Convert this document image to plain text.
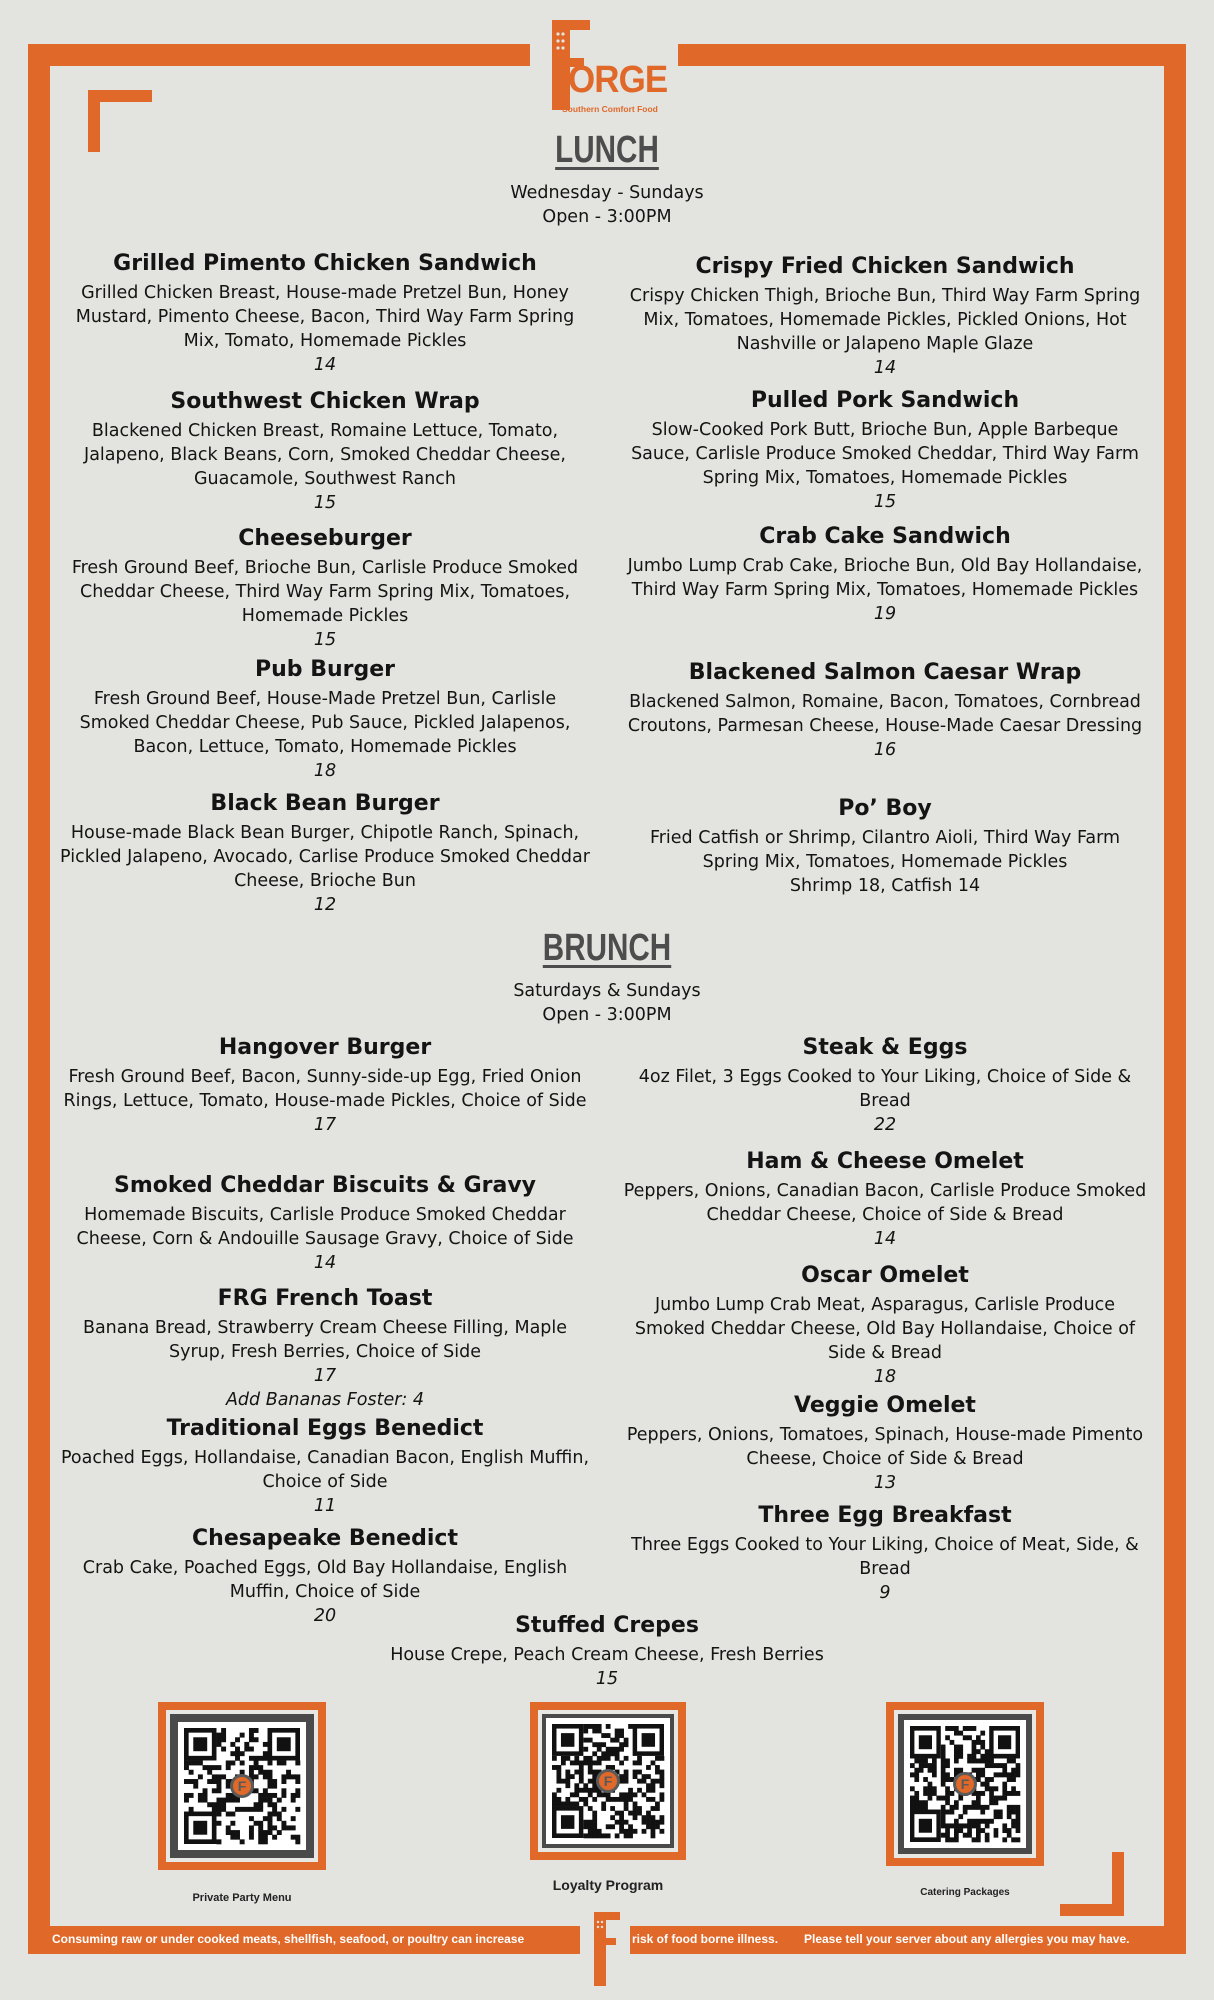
ORGE
Southern Comfort Food
LUNCH
Wednesday - Sundays
Open - 3:00PM
Grilled Pimento Chicken Sandwich
Grilled Chicken Breast, House-made Pretzel Bun, Honey Mustard, Pimento Cheese, Bacon, Third Way Farm Spring Mix, Tomato, Homemade Pickles
14
Southwest Chicken Wrap
Blackened Chicken Breast, Romaine Lettuce, Tomato, Jalapeno, Black Beans, Corn, Smoked Cheddar Cheese, Guacamole, Southwest Ranch
15
Cheeseburger
Fresh Ground Beef, Brioche Bun, Carlisle Produce Smoked Cheddar Cheese, Third Way Farm Spring Mix, Tomatoes, Homemade Pickles
15
Pub Burger
Fresh Ground Beef, House-Made Pretzel Bun, Carlisle Smoked Cheddar Cheese, Pub Sauce, Pickled Jalapenos, Bacon, Lettuce, Tomato, Homemade Pickles
18
Black Bean Burger
House-made Black Bean Burger, Chipotle Ranch, Spinach, Pickled Jalapeno, Avocado, Carlise Produce Smoked Cheddar Cheese, Brioche Bun
12
Crispy Fried Chicken Sandwich
Crispy Chicken Thigh, Brioche Bun, Third Way Farm Spring Mix, Tomatoes, Homemade Pickles, Pickled Onions, Hot Nashville or Jalapeno Maple Glaze
14
Pulled Pork Sandwich
Slow-Cooked Pork Butt, Brioche Bun, Apple Barbeque Sauce, Carlisle Produce Smoked Cheddar, Third Way Farm Spring Mix, Tomatoes, Homemade Pickles
15
Crab Cake Sandwich
Jumbo Lump Crab Cake, Brioche Bun, Old Bay Hollandaise, Third Way Farm Spring Mix, Tomatoes, Homemade Pickles
19
Blackened Salmon Caesar Wrap
Blackened Salmon, Romaine, Bacon, Tomatoes, Cornbread Croutons, Parmesan Cheese, House-Made Caesar Dressing
16
Po’ Boy
Fried Catfish or Shrimp, Cilantro Aioli, Third Way Farm Spring Mix, Tomatoes, Homemade Pickles
Shrimp 18, Catfish 14
BRUNCH
Saturdays & Sundays
Open - 3:00PM
Hangover Burger
Fresh Ground Beef, Bacon, Sunny-side-up Egg, Fried Onion Rings, Lettuce, Tomato, House-made Pickles, Choice of Side
17
Smoked Cheddar Biscuits & Gravy
Homemade Biscuits, Carlisle Produce Smoked Cheddar Cheese, Corn & Andouille Sausage Gravy, Choice of Side
14
FRG French Toast
Banana Bread, Strawberry Cream Cheese Filling, Maple Syrup, Fresh Berries, Choice of Side
17
Add Bananas Foster: 4
Traditional Eggs Benedict
Poached Eggs, Hollandaise, Canadian Bacon, English Muffin, Choice of Side
11
Chesapeake Benedict
Crab Cake, Poached Eggs, Old Bay Hollandaise, English Muffin, Choice of Side
20
Steak & Eggs
4oz Filet, 3 Eggs Cooked to Your Liking, Choice of Side & Bread
22
Ham & Cheese Omelet
Peppers, Onions, Canadian Bacon, Carlisle Produce Smoked Cheddar Cheese, Choice of Side & Bread
14
Oscar Omelet
Jumbo Lump Crab Meat, Asparagus, Carlisle Produce Smoked Cheddar Cheese, Old Bay Hollandaise, Choice of Side & Bread
18
Veggie Omelet
Peppers, Onions, Tomatoes, Spinach, House-made Pimento Cheese, Choice of Side & Bread
13
Three Egg Breakfast
Three Eggs Cooked to Your Liking, Choice of Meat, Side, & Bread
9
Stuffed Crepes
House Crepe, Peach Cream Cheese, Fresh Berries
15
F
Private Party Menu
F
Loyalty Program
F
Catering Packages
Consuming raw or under cooked meats, shellfish, seafood, or poultry can increase	risk of food borne illness. Please tell your server about any allergies you may have.
